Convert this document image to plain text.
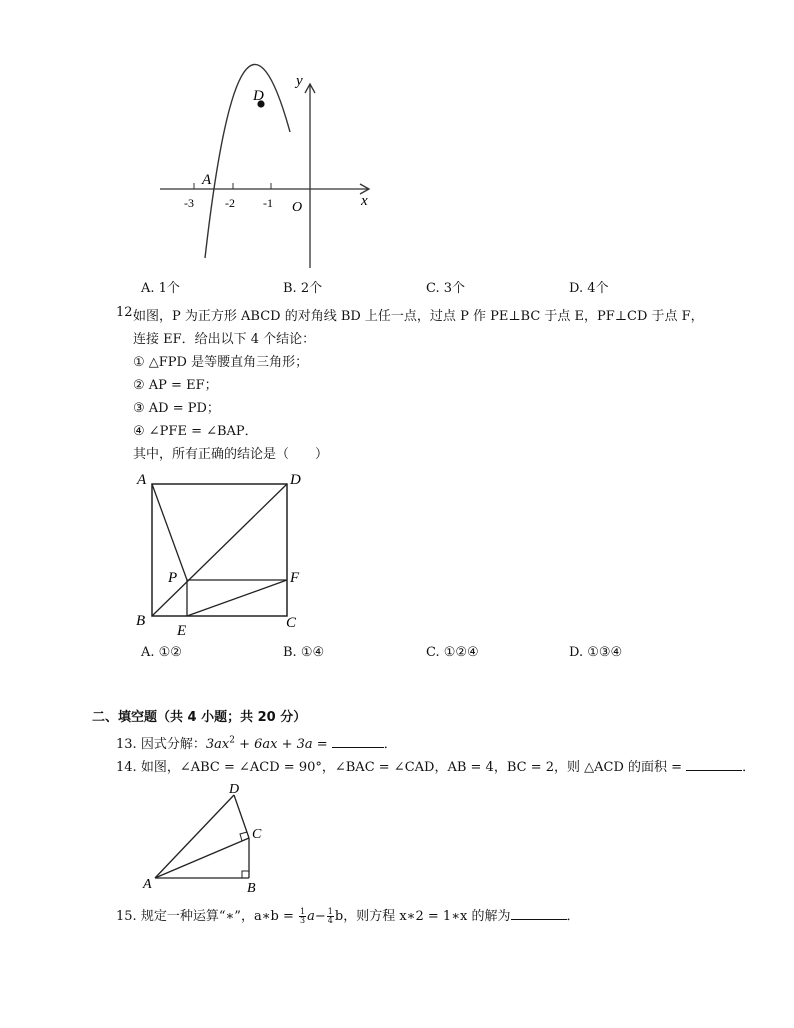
D
A
y
x
O
-3	-2 -1
A. 1个	B. 2个	C. 3个	D. 4个
12.
如图，P 为正方形 ABCD 的对角线 BD 上任一点，过点 P 作 PE⊥BC 于点 E，PF⊥CD 于点 F，
连接 EF．给出以下 4 个结论：
① △FPD 是等腰直角三角形；
② AP = EF；
③ AD = PD；
④ ∠PFE = ∠BAP．
其中，所有正确的结论是（　　）
A	D
P	F
B
E	C
A. ①②	B. ①④	C. ①②④	D. ①③④
二、填空题（共 4 小题；共 20 分）
13. 因式分解：$3ax^2 + 6ax + 3a$ =	．
14. 如图，∠ABC = ∠ACD = 90°，∠BAC = ∠CAD，AB = 4，BC = 2，则 △ACD 的面积 =	．
D
C
A	B
15. 规定一种运算“∗”，a∗b = $\frac{1}{3} a- \frac{1}{4}$ b，则方程 x∗2 = 1∗x 的解为	．
